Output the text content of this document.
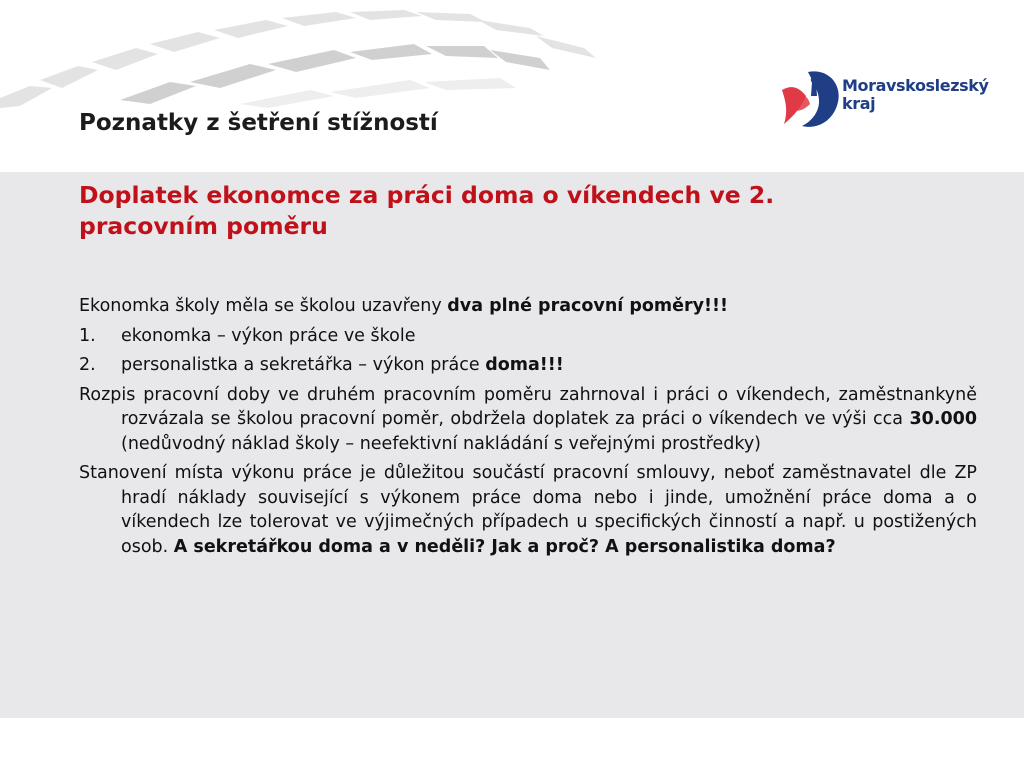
Poznatky z šetření stížností
Moravskoslezský
kraj
Doplatek ekonomce za práci doma o víkendech ve 2.
pracovním poměru

Ekonomka školy měla se školou uzavřeny dva plné pracovní poměry!!!

1. ekonomka – výkon práce ve škole

2. personalistka a sekretářka – výkon práce doma!!!

Rozpis pracovní doby ve druhém pracovním poměru zahrnoval i práci o víkendech, zaměstnankyně rozvázala se školou pracovní poměr, obdržela doplatek za práci o víkendech ve výši cca 30.000 (nedůvodný náklad školy – neefektivní nakládání s veřejnými prostředky)

Stanovení místa výkonu práce je důležitou součástí pracovní smlouvy, neboť zaměstnavatel dle ZP hradí náklady související s výkonem práce doma nebo i jinde, umožnění práce doma a o víkendech lze tolerovat ve výjimečných případech u specifických činností a např. u postižených osob. A sekretářkou doma a v neděli? Jak a proč? A personalistika doma?
